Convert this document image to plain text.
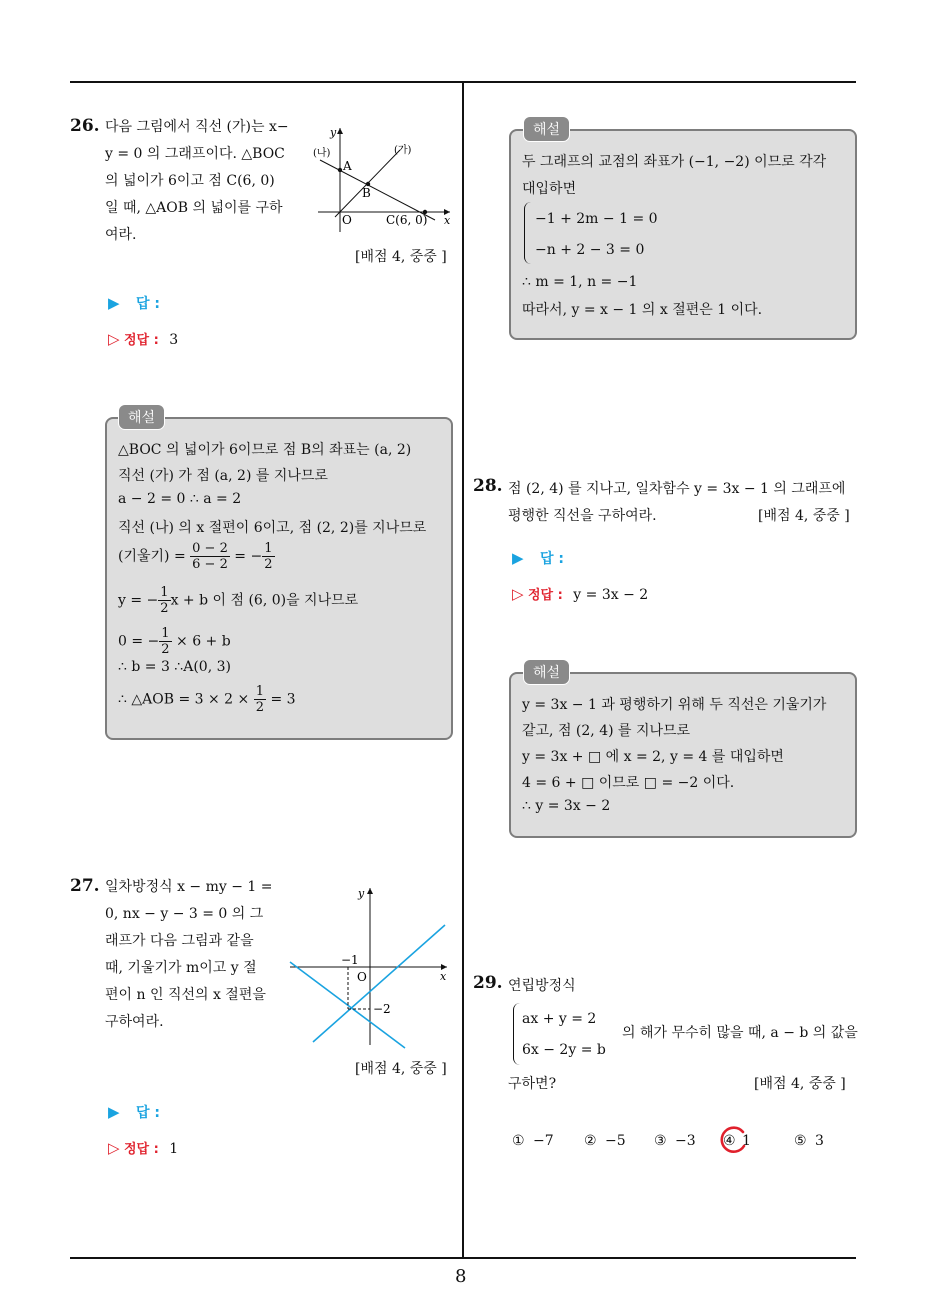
8
26. 다음 그림에서 직선 (가)는 x−
y = 0 의 그래프이다. △BOC
의 넓이가 6이고 점 C(6, 0)
일 때, △AOB 의 넓이를 구하
여라.
y
x
(나)	(가)
A
B
O	C(6, 0)
[배점 4, 중중 ]
▶ 답 :
▷ 정답 : 3
해설
△BOC 의 넓이가 6이므로 점 B의 좌표는 (a, 2)
직선 (가) 가 점 (a, 2) 를 지나므로
a − 2 = 0 ∴ a = 2
직선 (나) 의 x 절편이 6이고, 점 (2, 2)를 지나므로
(기울기) = $\frac{0 - 2}{6 - 2}$ = − $\frac{1}{2}$
y = − $\frac{1}{2}$ x + b 이 점 (6, 0)을 지나므로
0 = − $\frac{1}{2} \times 6 + b$
∴ b = 3 ∴A(0, 3)
∴ △AOB = $3 \times 2 \times \frac{1}{2} = 3$
27. 일차방정식 x − my − 1 =
0, nx − y − 3 = 0 의 그
래프가 다음 그림과 같을
때, 기울기가 m이고 y 절
편이 n 인 직선의 x 절편을
구하여라.
y
x
−1
O
−2
[배점 4, 중중 ]
▶ 답 :
▷ 정답 : 1
해설
두 그래프의 교점의 좌표가 (−1, −2) 이므로 각각
대입하면
−1 + 2m − 1 = 0
−n + 2 − 3 = 0
∴ m = 1, n = −1
따라서, y = x − 1 의 x 절편은 1 이다.
28. 점 (2, 4) 를 지나고, 일차함수 y = 3x − 1 의 그래프에
평행한 직선을 구하여라.	[배점 4, 중중 ]
▶ 답 :
▷ 정답 : y = 3x − 2
해설
y = 3x − 1 과 평행하기 위해 두 직선은 기울기가
같고, 점 (2, 4) 를 지나므로
y = 3x + □ 에 x = 2, y = 4 를 대입하면
4 = 6 + □ 이므로 □ = −2 이다.
∴ y = 3x − 2
29. 연립방정식
ax + y = 2
6x − 2y = b
의 해가 무수히 많을 때, a − b 의 값을
구하면?	[배점 4, 중중 ]
① −7 ② −5 ③ −3 ④ 1	⑤ 3
